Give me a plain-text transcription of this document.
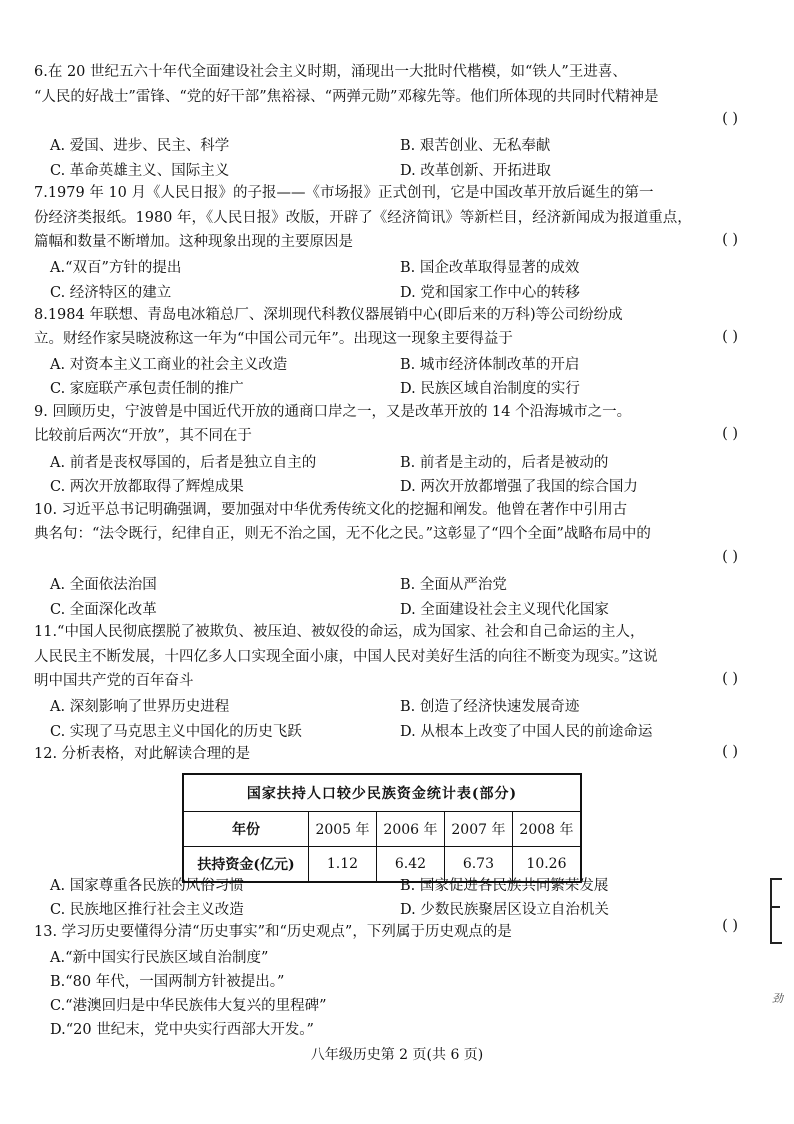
6.在 20 世纪五六十年代全面建设社会主义时期，涌现出一大批时代楷模，如“铁人”王进喜、
“人民的好战士”雷锋、“党的好干部”焦裕禄、“两弹元勋”邓稼先等。他们所体现的共同时代精神是
( )
A. 爱国、进步、民主、科学	B. 艰苦创业、无私奉献
C. 革命英雄主义、国际主义	D. 改革创新、开拓进取
7.1979 年 10 月《人民日报》的子报——《市场报》正式创刊，它是中国改革开放后诞生的第一
份经济类报纸。1980 年，《人民日报》改版，开辟了《经济简讯》等新栏目，经济新闻成为报道重点，
篇幅和数量不断增加。这种现象出现的主要原因是	( )
A.“双百”方针的提出	B. 国企改革取得显著的成效
C. 经济特区的建立	D. 党和国家工作中心的转移
8.1984 年联想、青岛电冰箱总厂、深圳现代科教仪器展销中心(即后来的万科)等公司纷纷成
立。财经作家吴晓波称这一年为“中国公司元年”。出现这一现象主要得益于	( )
A. 对资本主义工商业的社会主义改造	B. 城市经济体制改革的开启
C. 家庭联产承包责任制的推广	D. 民族区域自治制度的实行
9. 回顾历史，宁波曾是中国近代开放的通商口岸之一，又是改革开放的 14 个沿海城市之一。
比较前后两次“开放”，其不同在于	( )
A. 前者是丧权辱国的，后者是独立自主的	B. 前者是主动的，后者是被动的
C. 两次开放都取得了辉煌成果	D. 两次开放都增强了我国的综合国力
10. 习近平总书记明确强调，要加强对中华优秀传统文化的挖掘和阐发。他曾在著作中引用古
典名句：“法令既行，纪律自正，则无不治之国，无不化之民。”这彰显了“四个全面”战略布局中的
( )
A. 全面依法治国	B. 全面从严治党
C. 全面深化改革	D. 全面建设社会主义现代化国家
11.“中国人民彻底摆脱了被欺负、被压迫、被奴役的命运，成为国家、社会和自己命运的主人，
人民民主不断发展，十四亿多人口实现全面小康，中国人民对美好生活的向往不断变为现实。”这说
明中国共产党的百年奋斗	( )
A. 深刻影响了世界历史进程	B. 创造了经济快速发展奇迹
C. 实现了马克思主义中国化的历史飞跃	D. 从根本上改变了中国人民的前途命运
12. 分析表格，对此解读合理的是	( )
国家扶持人口较少民族资金统计表(部分)				
年份	2005 年	2006 年	2007 年	2008 年
扶持资金(亿元)	1.12	6.42	6.73	10.26
A. 国家尊重各民族的风俗习惯	B. 国家促进各民族共同繁荣发展
C. 民族地区推行社会主义改造	D. 少数民族聚居区设立自治机关
13. 学习历史要懂得分清“历史事实”和“历史观点”，下列属于历史观点的是	( )
A.“新中国实行民族区域自治制度”
B.“80 年代，一国两制方针被提出。”
C.“港澳回归是中华民族伟大复兴的里程碑”
D.“20 世纪末，党中央实行西部大开发。”
八年级历史第 2 页(共 6 页)
劲
